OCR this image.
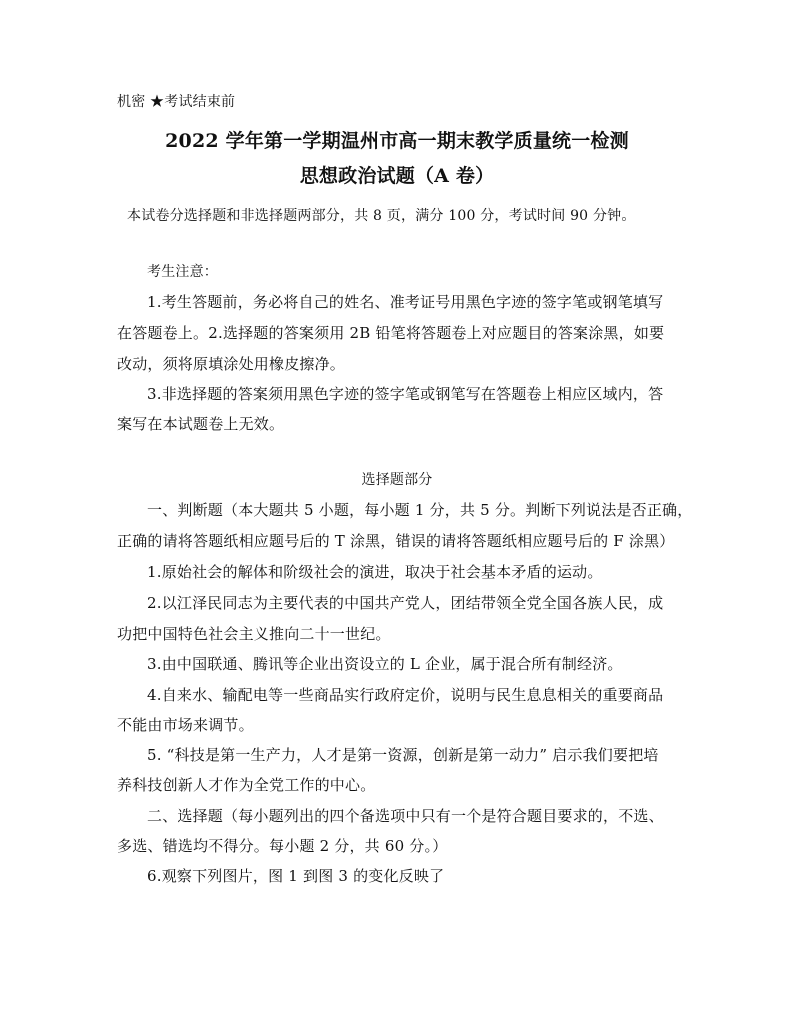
机密 ★考试结束前
2022 学年第一学期温州市高一期末教学质量统一检测
思想政治试题（A 卷）
本试卷分选择题和非选择题两部分，共 8 页，满分 100 分，考试时间 90 分钟。
考生注意：
1.考生答题前，务必将自己的姓名、准考证号用黑色字迹的签字笔或钢笔填写
在答题卷上。2.选择题的答案须用 2B 铅笔将答题卷上对应题目的答案涂黑，如要
改动，须将原填涂处用橡皮擦净。
3.非选择题的答案须用黑色字迹的签字笔或钢笔写在答题卷上相应区域内，答
案写在本试题卷上无效。
选择题部分
一、判断题（本大题共 5 小题，每小题 1 分，共 5 分。判断下列说法是否正确，
正确的请将答题纸相应题号后的 T 涂黑，错误的请将答题纸相应题号后的 F 涂黑）
1.原始社会的解体和阶级社会的演进，取决于社会基本矛盾的运动。
2.以江泽民同志为主要代表的中国共产党人，团结带领全党全国各族人民，成
功把中国特色社会主义推向二十一世纪。
3.由中国联通、腾讯等企业出资设立的 L 企业，属于混合所有制经济。
4.自来水、输配电等一些商品实行政府定价，说明与民生息息相关的重要商品
不能由市场来调节。
5. “科技是第一生产力，人才是第一资源，创新是第一动力” 启示我们要把培
养科技创新人才作为全党工作的中心。
二、选择题（每小题列出的四个备选项中只有一个是符合题目要求的，不选、
多选、错选均不得分。每小题 2 分，共 60 分。）
6.观察下列图片，图 1 到图 3 的变化反映了
